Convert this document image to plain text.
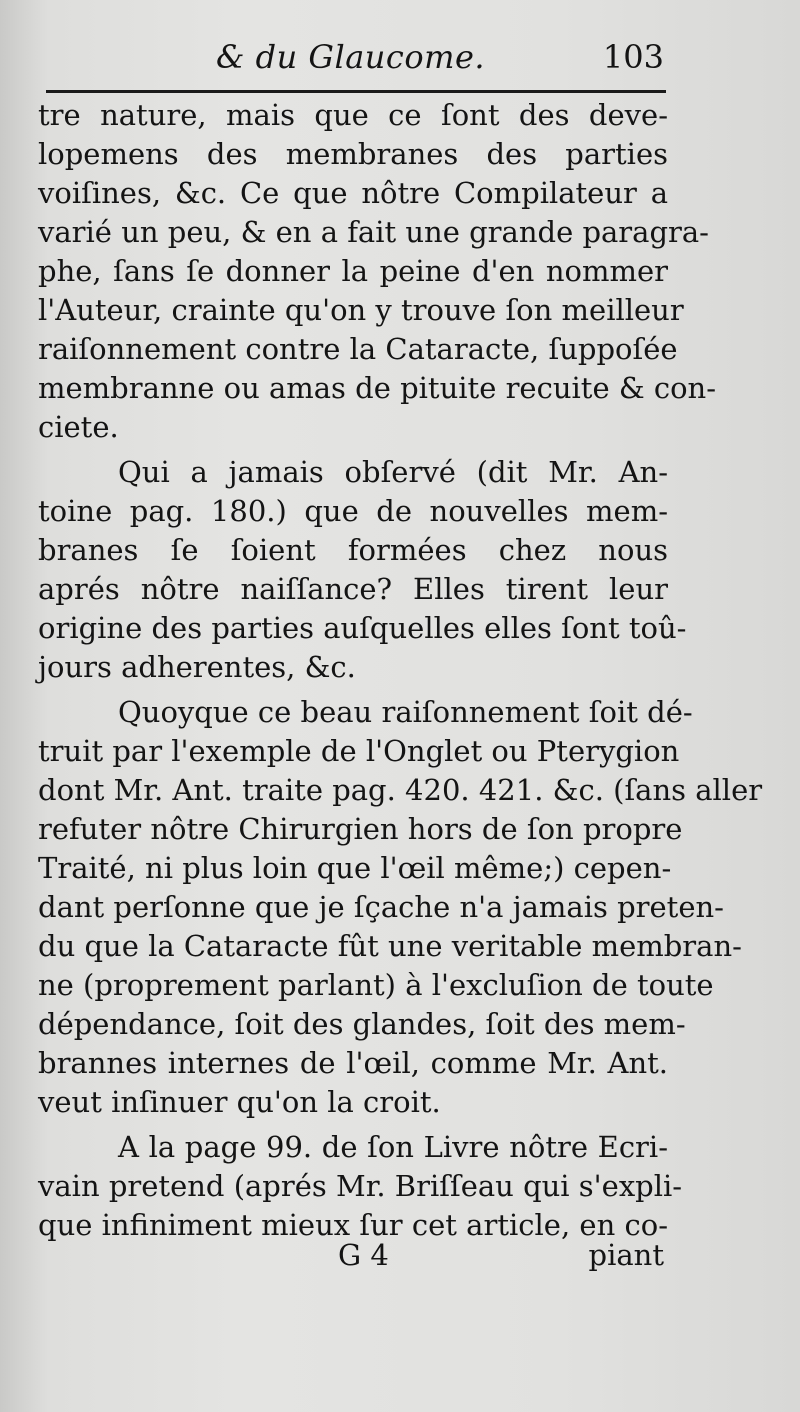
& du Glaucome.	103
tre nature, mais que ce ſont des deve-
lopemens des membranes des parties
voiſines, &c. Ce que nôtre Compilateur a
varié un peu, & en a fait une grande paragra-
phe, ſans ſe donner la peine d'en nommer
l'Auteur, crainte qu'on y trouve ſon meilleur
raiſonnement contre la Cataracte, ſuppoſée
membranne ou amas de pituite recuite & con-
ciete.
Qui a jamais obſervé (dit Mr. An-
toine pag. 180.) que de nouvelles mem-
branes ſe ſoient formées chez nous
aprés nôtre naiſſance? Elles tirent leur
origine des parties auſquelles elles ſont toû-
jours adherentes, &c.
Quoyque ce beau raiſonnement ſoit dé-
truit par l'exemple de l'Onglet ou Pterygion
dont Mr. Ant. traite pag. 420. 421. &c. (ſans aller
refuter nôtre Chirurgien hors de ſon propre
Traité, ni plus loin que l'œil même;) cepen-
dant perſonne que je ſçache n'a jamais preten-
du que la Cataracte fût une veritable membran-
ne (proprement parlant) à l'excluſion de toute
dépendance, ſoit des glandes, ſoit des mem-
brannes internes de l'œil, comme Mr. Ant.
veut inſinuer qu'on la croit.
A la page 99. de ſon Livre nôtre Ecri-
vain pretend (aprés Mr. Briſſeau qui s'expli-
que infiniment mieux ſur cet article, en co-
G 4	piant
